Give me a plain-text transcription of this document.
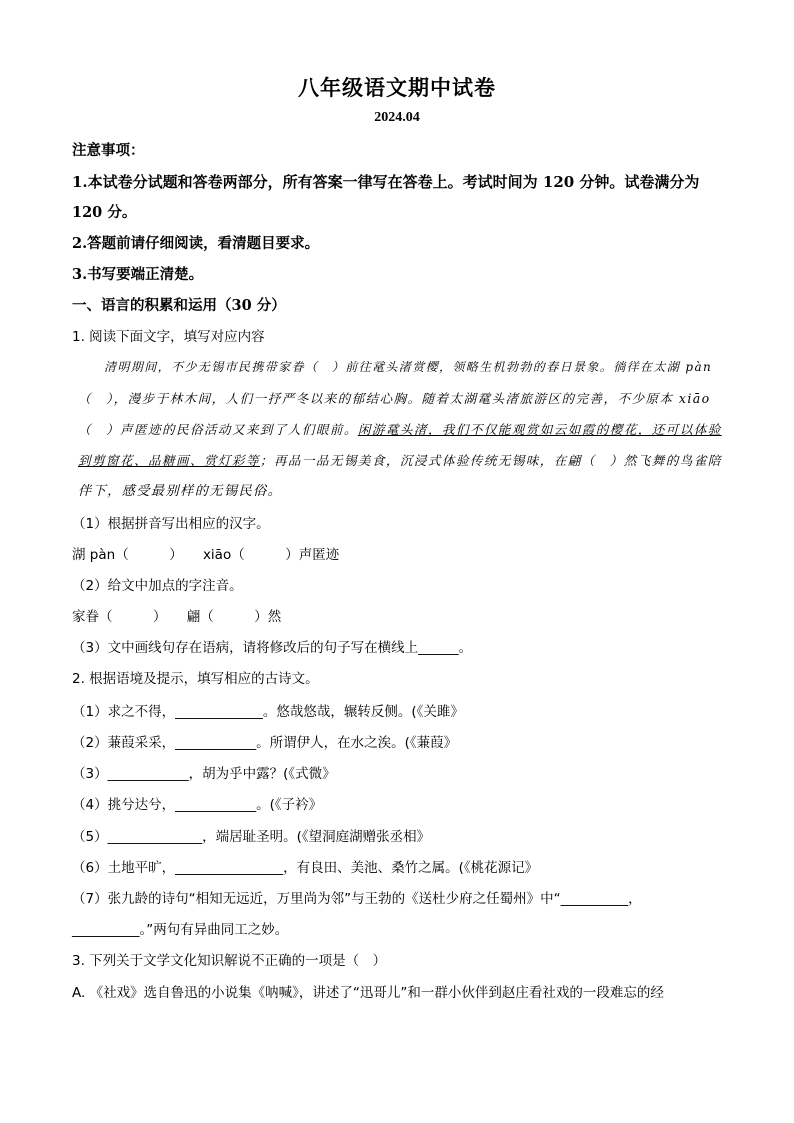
八年级语文期中试卷
2024.04
注意事项：
1.本试卷分试题和答卷两部分，所有答案一律写在答卷上。考试时间为 120 分钟。试卷满分为
120 分。
2.答题前请仔细阅读，看清题目要求。
3.书写要端正清楚。
一、语言的积累和运用（30 分）
1. 阅读下面文字，填写对应内容
清明期间，不少无锡市民携带家眷（　）前往鼋头渚赏樱，领略生机勃勃的春日景象。徜徉在太湖 pàn
（　），漫步于林木间，人们一抒严冬以来的郁结心胸。随着太湖鼋头渚旅游区的完善，不少原本 xiāo
（　）声匿迹的民俗活动又来到了人们眼前。闲游鼋头渚，我们不仅能观赏如云如霞的樱花，还可以体验
到剪窗花、品糖画、赏灯彩等；再品一品无锡美食，沉浸式体验传统无锡味，在翩（　）然飞舞的鸟雀陪
伴下，感受最别样的无锡民俗。
（1）根据拼音写出相应的汉字。
湖 pàn（　　　）　　xiāo（　　　）声匿迹
（2）给文中加点的字注音。
家眷（　　　）　　翩（　　　）然
（3）文中画线句存在语病，请将修改后的句子写在横线上______。
2. 根据语境及提示，填写相应的古诗文。
（1）求之不得，_____________。悠哉悠哉，辗转反侧。(《关雎》
（2）蒹葭采采，____________。所谓伊人，在水之涘。(《蒹葭》
（3）____________，胡为乎中露？(《式微》
（4）挑兮达兮，____________。(《子衿》
（5）______________，端居耻圣明。(《望洞庭湖赠张丞相》
（6）土地平旷，________________，有良田、美池、桑竹之属。(《桃花源记》
（7）张九龄的诗句“相知无远近，万里尚为邻”与王勃的《送杜少府之任蜀州》中“__________，
__________。”两句有异曲同工之妙。
3. 下列关于文学文化知识解说不正确的一项是（　）
A. 《社戏》选自鲁迅的小说集《呐喊》，讲述了“迅哥儿”和一群小伙伴到赵庄看社戏的一段难忘的经
